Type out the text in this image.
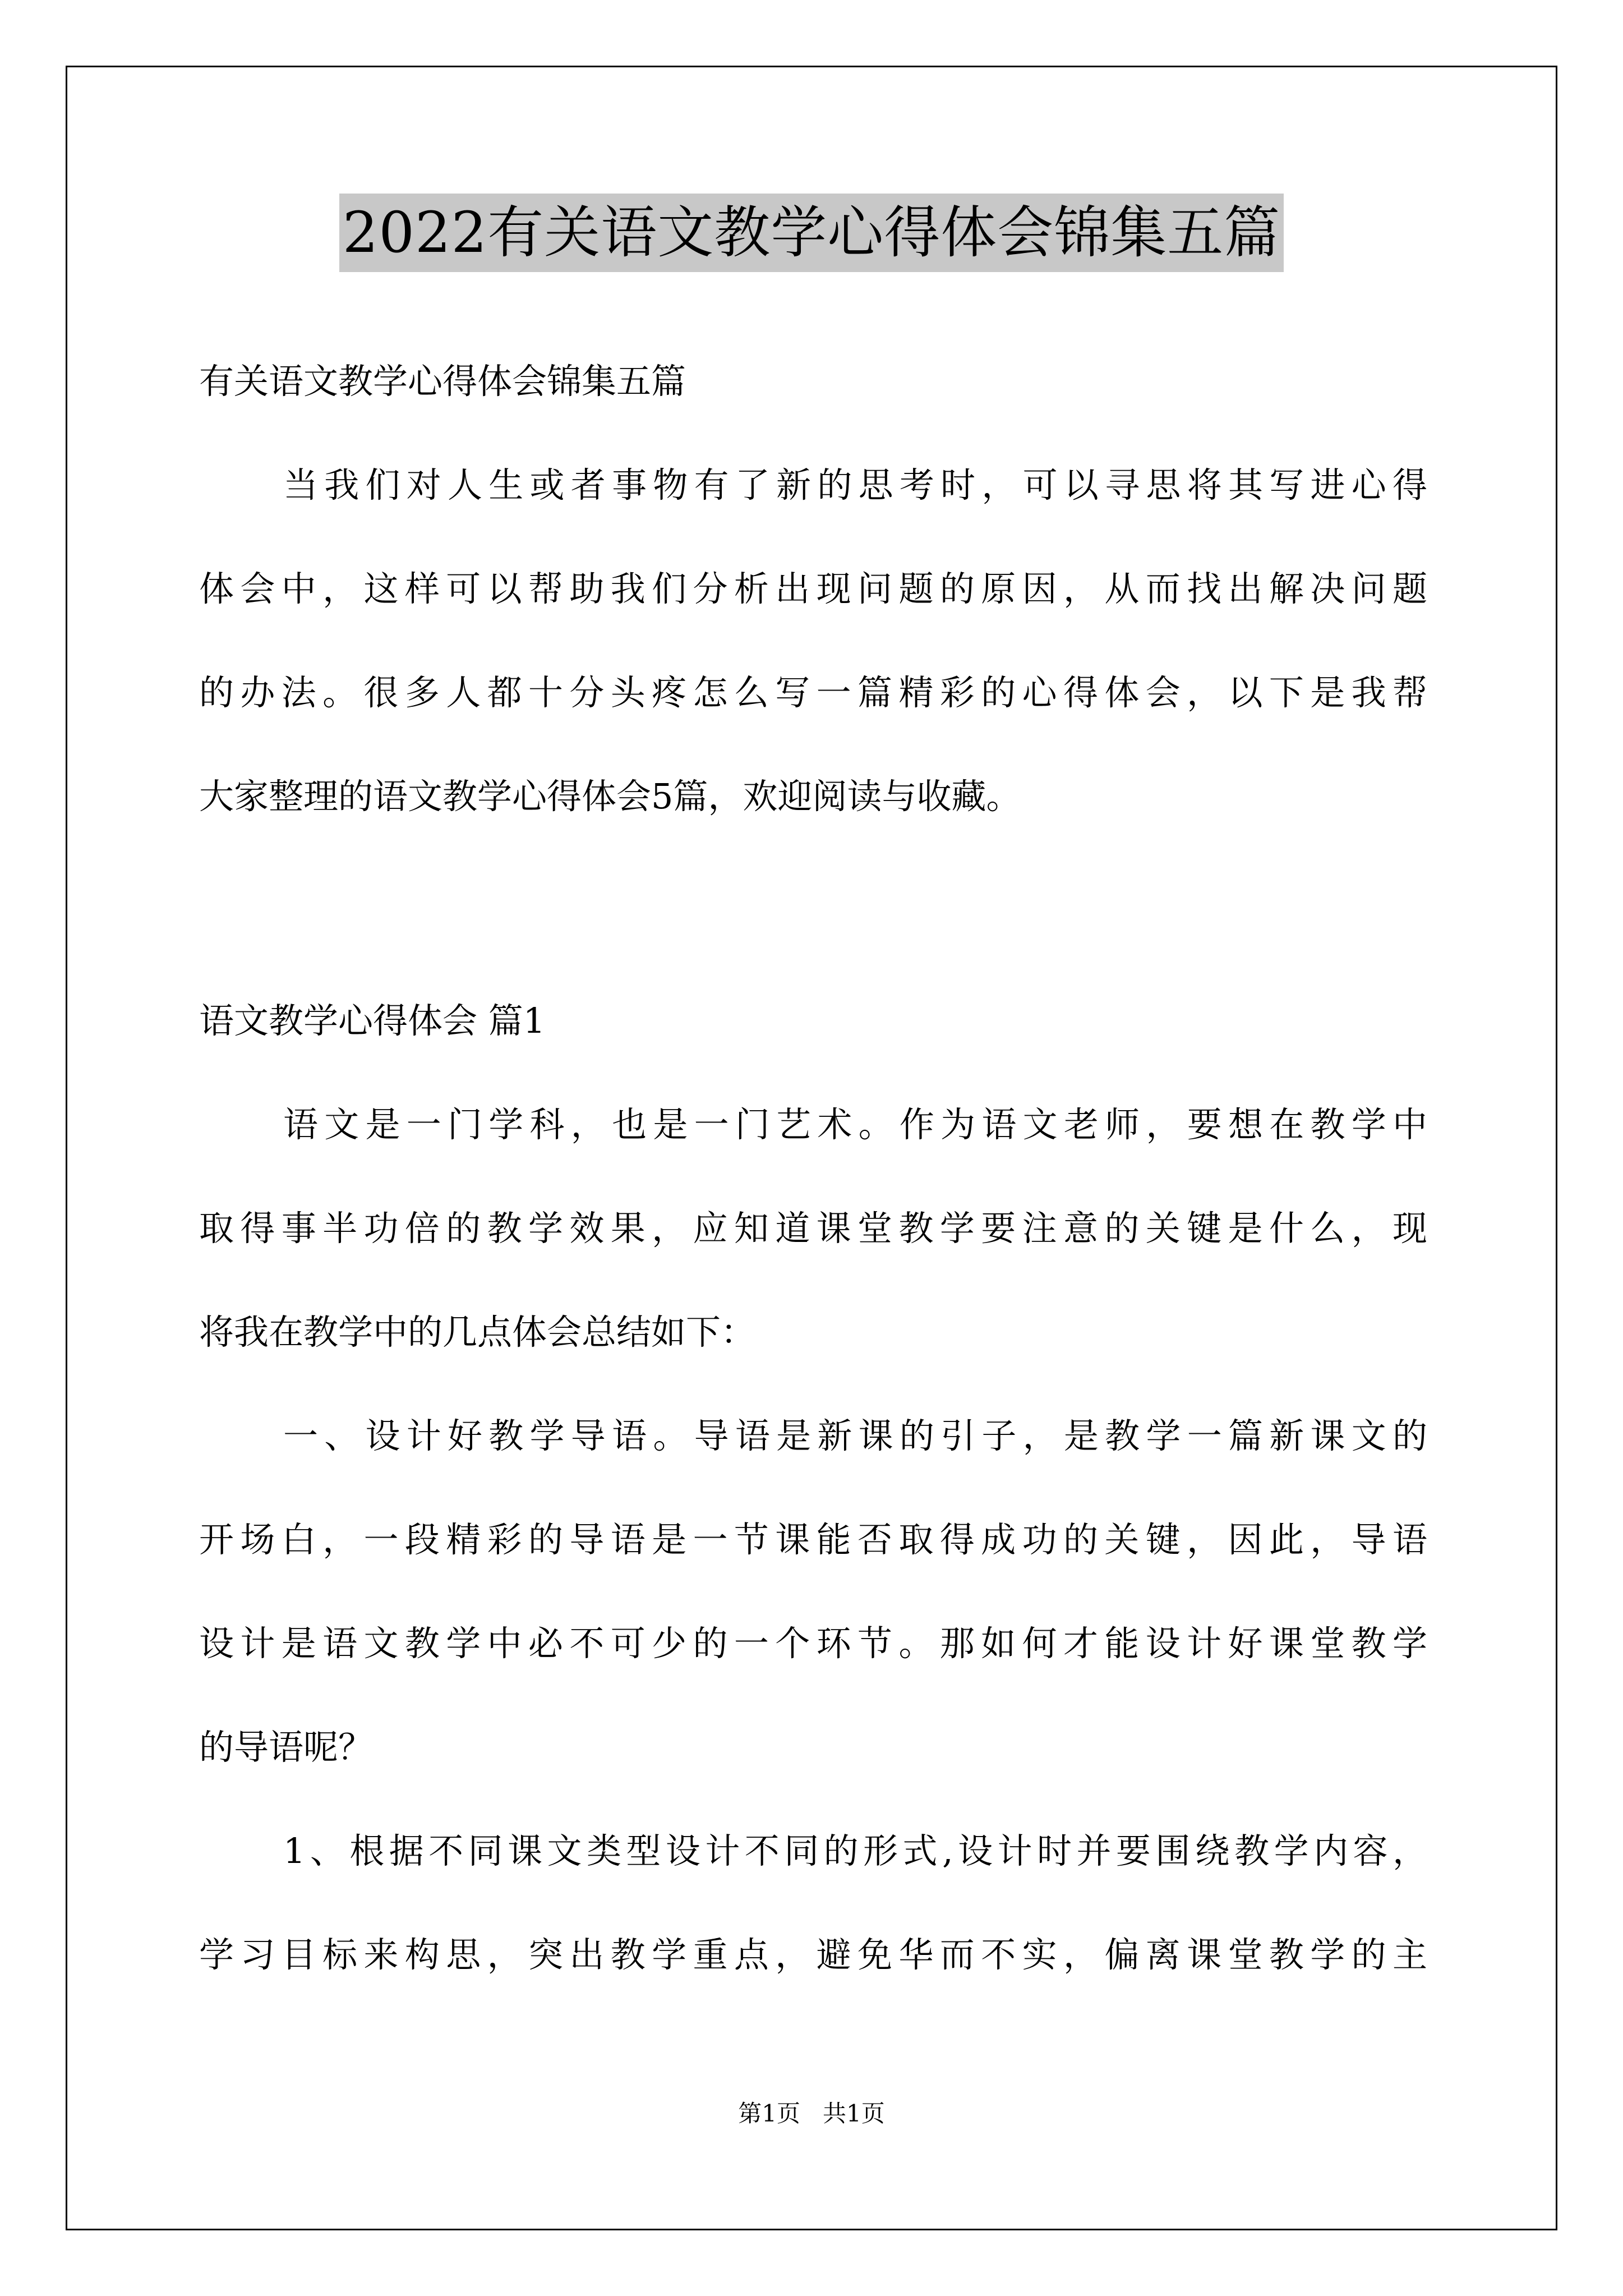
2022有关语文教学心得体会锦集五篇
有关语文教学心得体会锦集五篇
当我们对人生或者事物有了新的思考时，可以寻思将其写进心得
体会中，这样可以帮助我们分析出现问题的原因，从而找出解决问题
的办法。很多人都十分头疼怎么写一篇精彩的心得体会，以下是我帮
大家整理的语文教学心得体会5篇，欢迎阅读与收藏。
语文教学心得体会 篇1
语文是一门学科，也是一门艺术。作为语文老师，要想在教学中
取得事半功倍的教学效果，应知道课堂教学要注意的关键是什么，现
将我在教学中的几点体会总结如下：
一、设计好教学导语。导语是新课的引子，是教学一篇新课文的
开场白，一段精彩的导语是一节课能否取得成功的关键，因此，导语
设计是语文教学中必不可少的一个环节。那如何才能设计好课堂教学
的导语呢？
1、根据不同课文类型设计不同的形式,设计时并要围绕教学内容，
学习目标来构思，突出教学重点，避免华而不实，偏离课堂教学的主
第1页   共1页
